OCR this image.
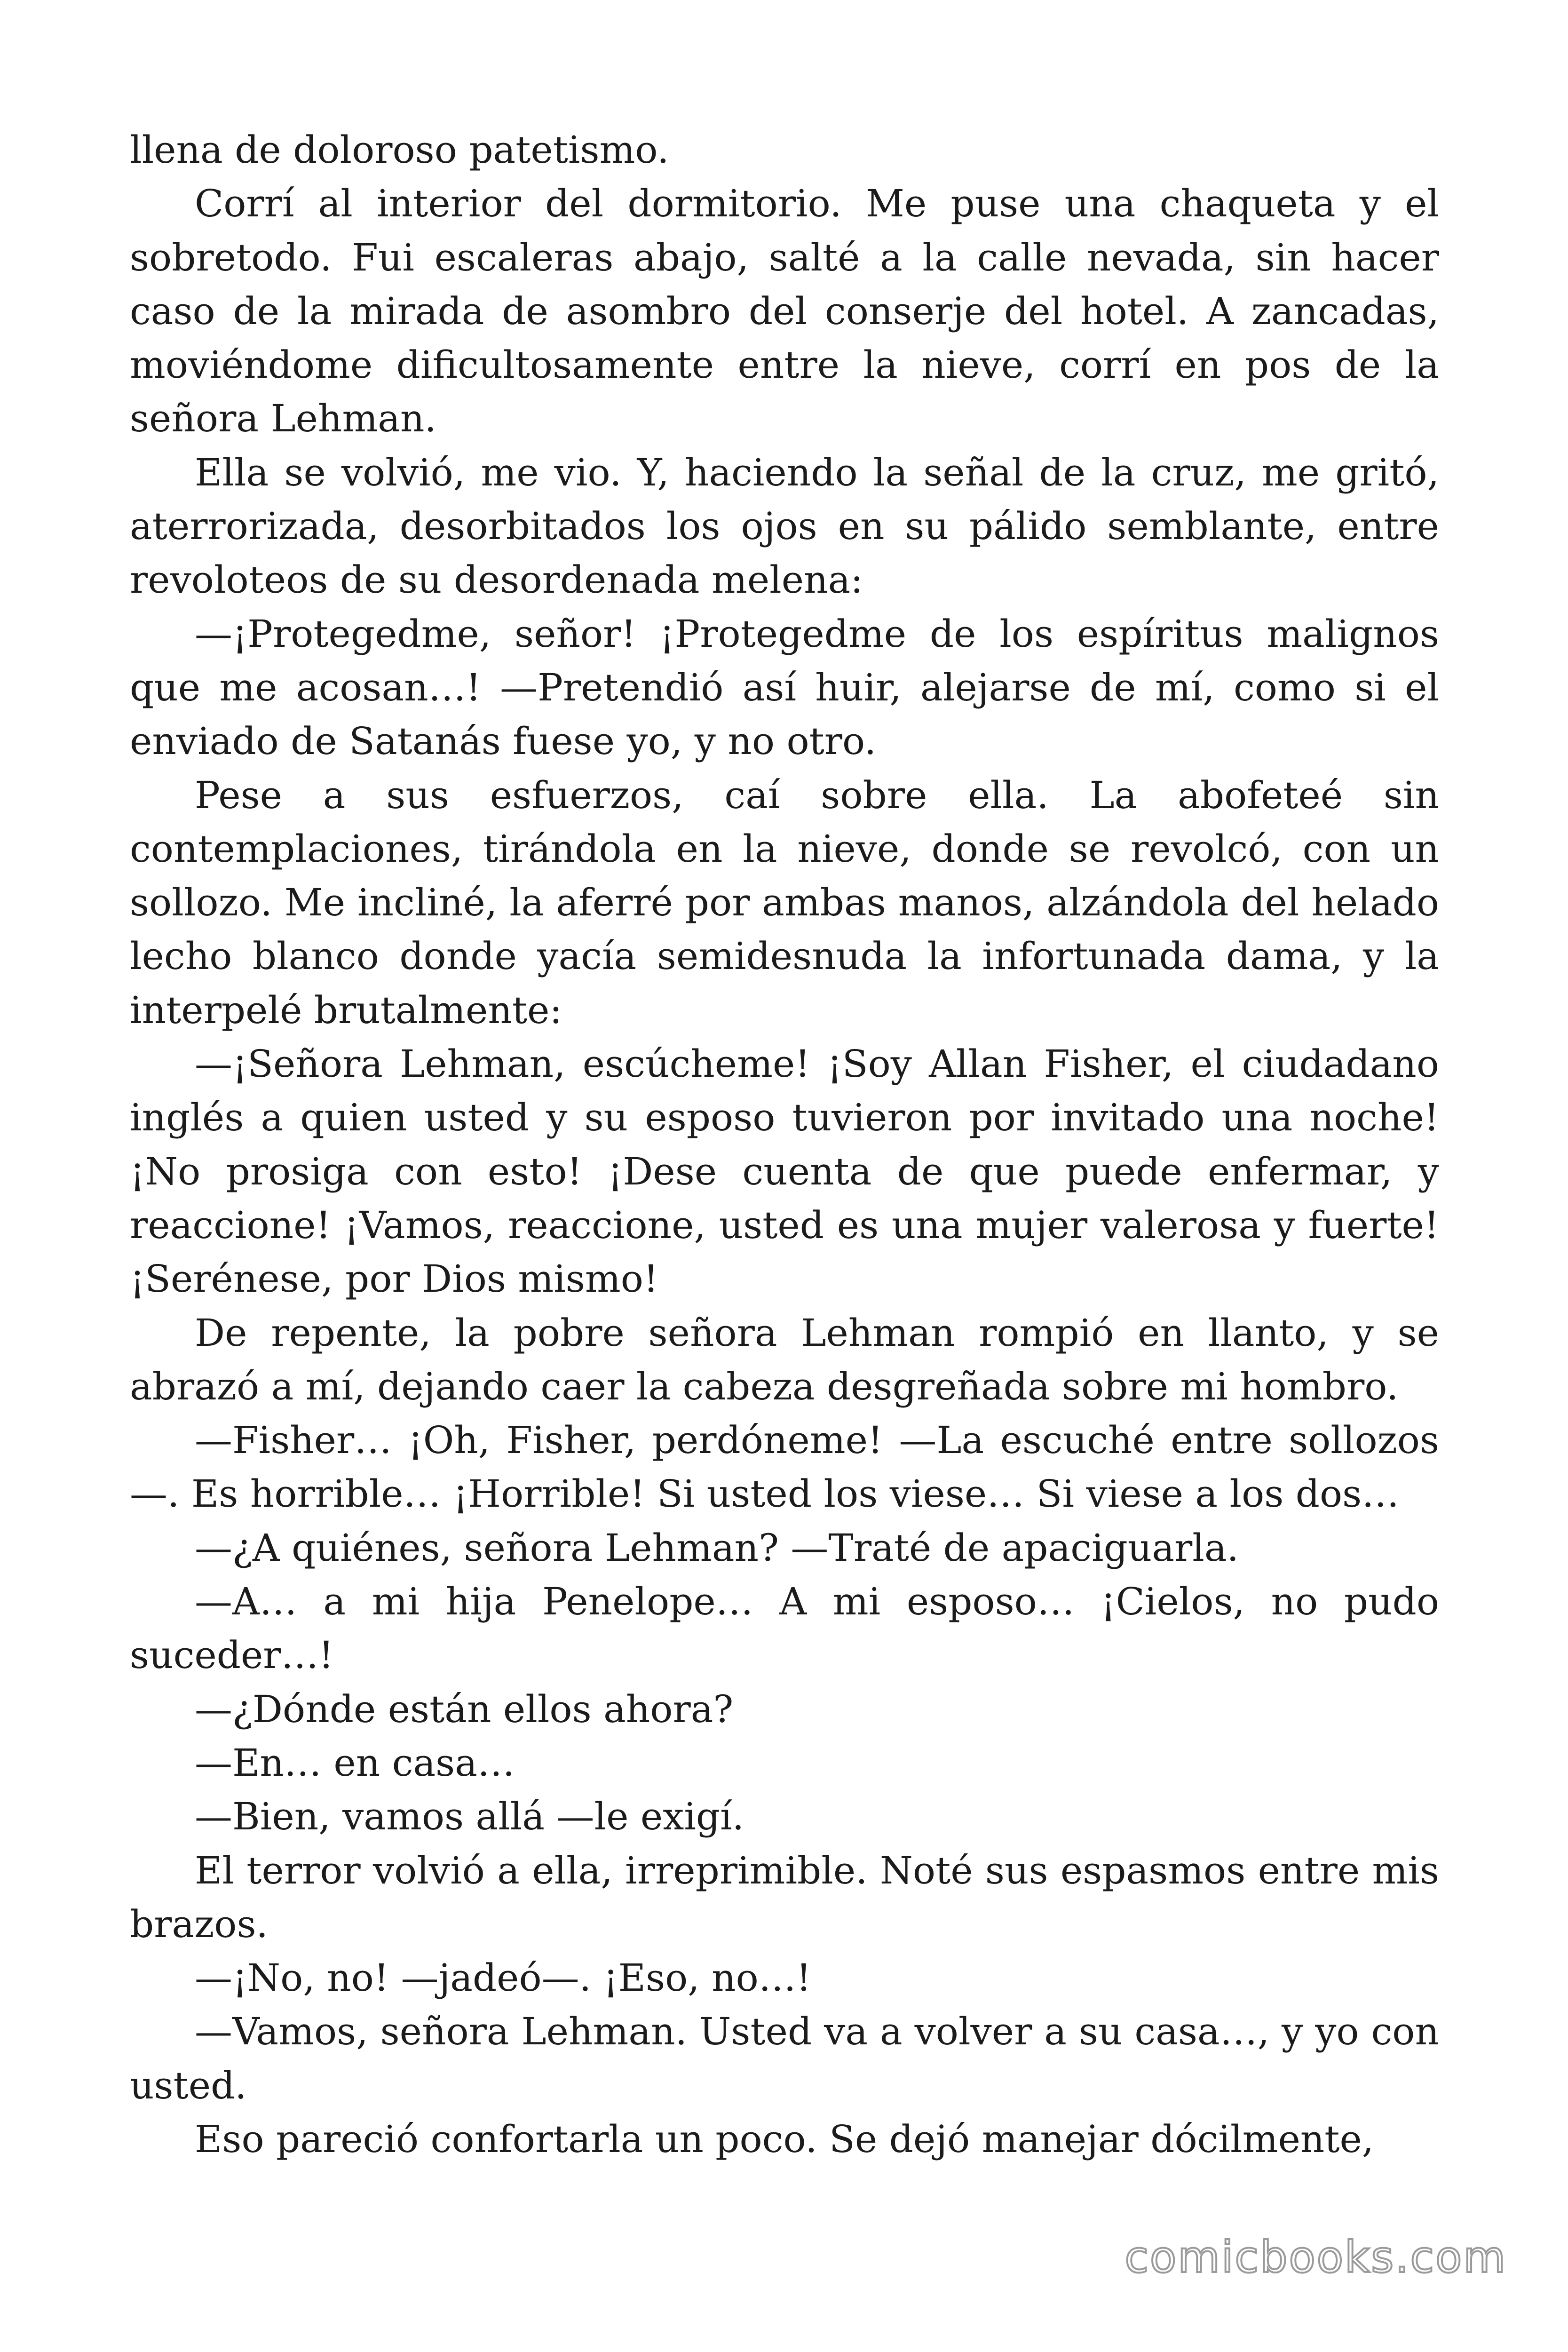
llena de doloroso patetismo.

Corrí al interior del dormitorio. Me puse una chaqueta y el sobretodo. Fui escaleras abajo, salté a la calle nevada, sin hacer caso de la mirada de asombro del conserje del hotel. A zancadas, moviéndome dificultosamente entre la nieve, corrí en pos de la señora Lehman.

Ella se volvió, me vio. Y, haciendo la señal de la cruz, me gritó, aterrorizada, desorbitados los ojos en su pálido semblante, entre revoloteos de su desordenada melena:

—¡Protegedme, señor! ¡Protegedme de los espíritus malignos que me acosan…! —Pretendió así huir, alejarse de mí, como si el enviado de Satanás fuese yo, y no otro.

Pese a sus esfuerzos, caí sobre ella. La abofeteé sin contemplaciones, tirándola en la nieve, donde se revolcó, con un sollozo. Me incliné, la aferré por ambas manos, alzándola del helado lecho blanco donde yacía semidesnuda la infortunada dama, y la interpelé brutalmente:

—¡Señora Lehman, escúcheme! ¡Soy Allan Fisher, el ciudadano inglés a quien usted y su esposo tuvieron por invitado una noche! ¡No prosiga con esto! ¡Dese cuenta de que puede enfermar, y reaccione! ¡Vamos, reaccione, usted es una mujer valerosa y fuerte! ¡Serénese, por Dios mismo!

De repente, la pobre señora Lehman rompió en llanto, y se abrazó a mí, dejando caer la cabeza desgreñada sobre mi hombro.

—Fisher… ¡Oh, Fisher, perdóneme! —La escuché entre sollozos —. Es horrible… ¡Horrible! Si usted los viese… Si viese a los dos…

—¿A quiénes, señora Lehman? —Traté de apaciguarla.

—A… a mi hija Penelope… A mi esposo… ¡Cielos, no pudo suceder…!

—¿Dónde están ellos ahora?

—En… en casa…

—Bien, vamos allá —le exigí.

El terror volvió a ella, irreprimible. Noté sus espasmos entre mis brazos.

—¡No, no! —jadeó—. ¡Eso, no…!

—Vamos, señora Lehman. Usted va a volver a su casa…, y yo con usted.

Eso pareció confortarla un poco. Se dejó manejar dócilmente,

comicbooks.com
